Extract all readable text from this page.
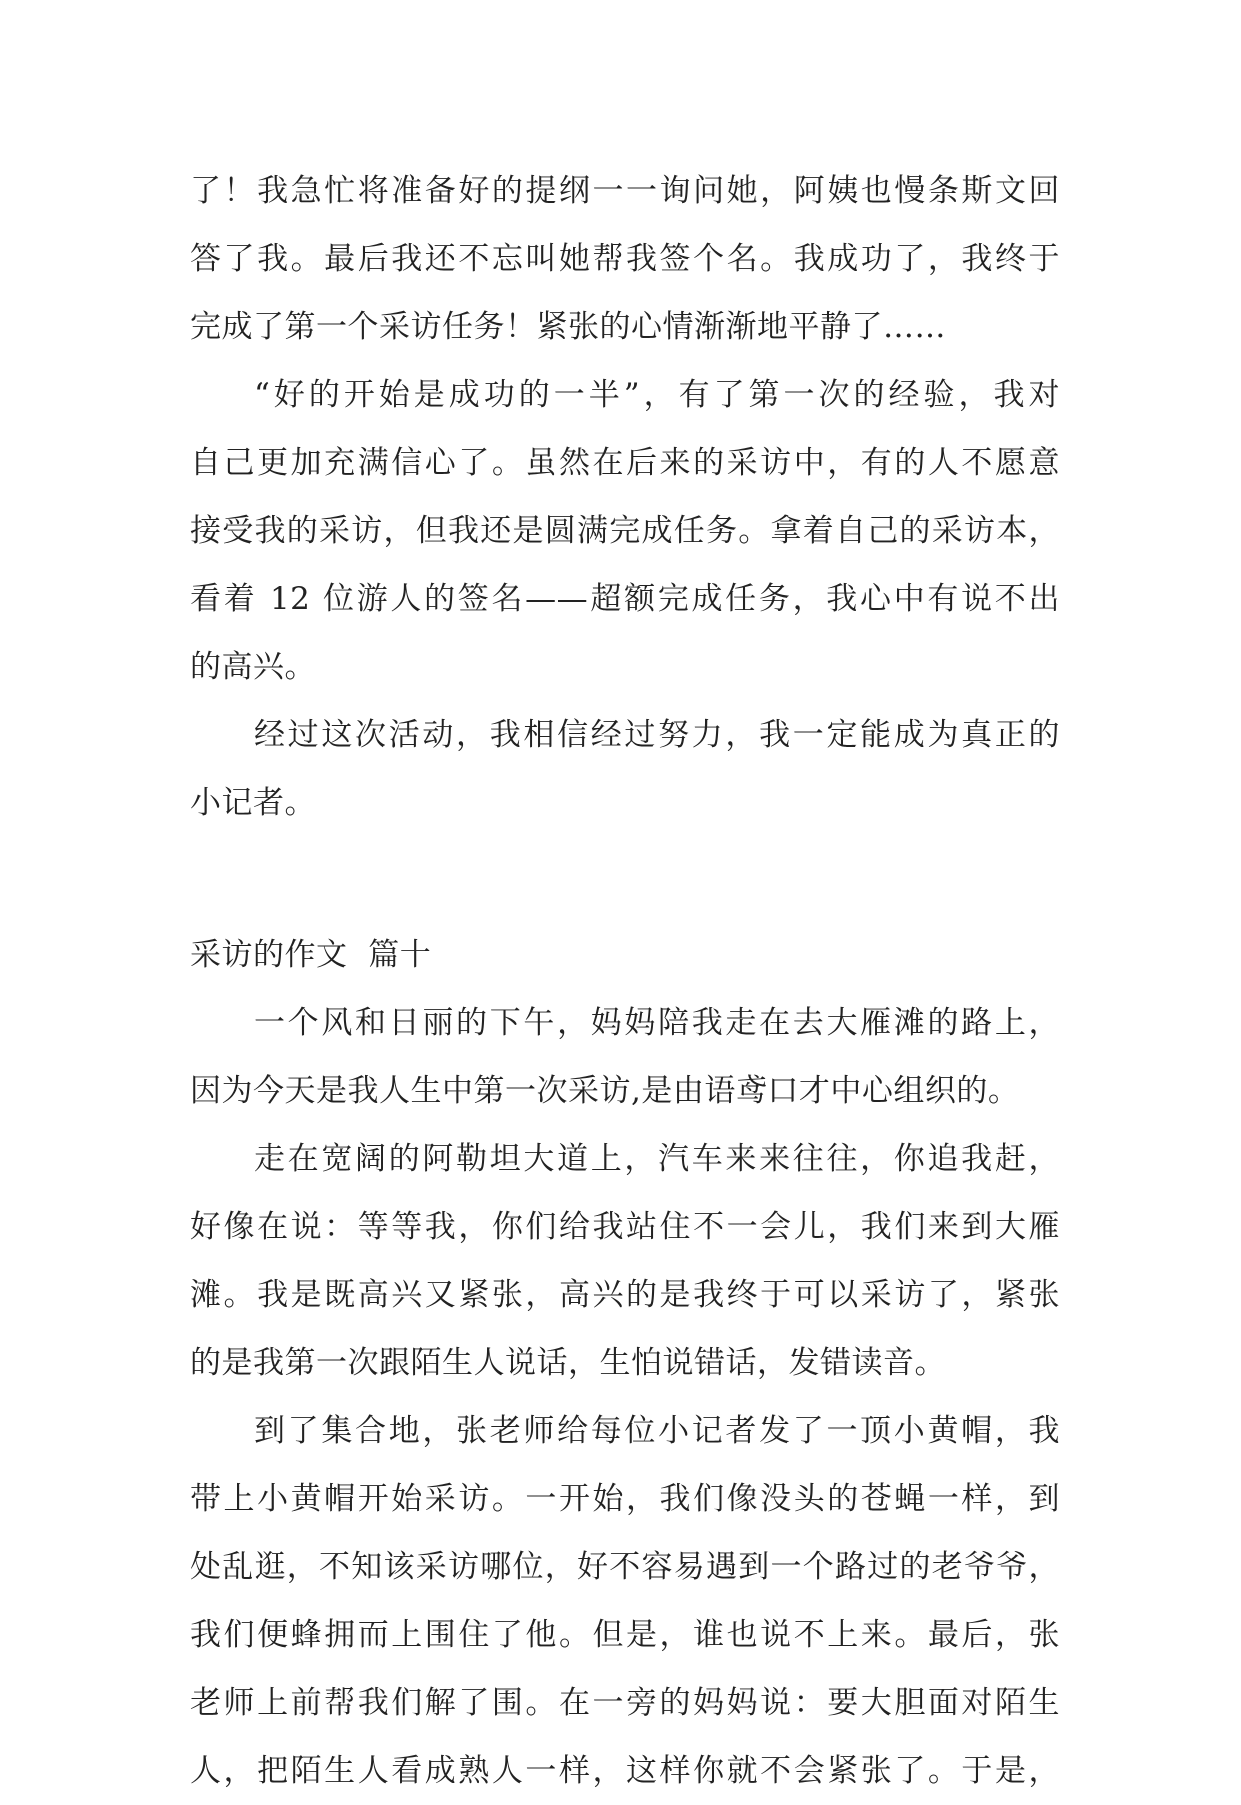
了！我急忙将准备好的提纲一一询问她，阿姨也慢条斯文回
答了我。最后我还不忘叫她帮我签个名。我成功了，我终于
完成了第一个采访任务！紧张的心情渐渐地平静了……
“好的开始是成功的一半”，有了第一次的经验，我对
自己更加充满信心了。虽然在后来的采访中，有的人不愿意
接受我的采访，但我还是圆满完成任务。拿着自己的采访本，
看着 12 位游人的签名——超额完成任务，我心中有说不出
的高兴。
经过这次活动，我相信经过努力，我一定能成为真正的
小记者。
采访的作文  篇十
一个风和日丽的下午，妈妈陪我走在去大雁滩的路上，
因为今天是我人生中第一次采访,是由语鸢口才中心组织的。
走在宽阔的阿勒坦大道上，汽车来来往往，你追我赶，
好像在说：等等我，你们给我站住不一会儿，我们来到大雁
滩。我是既高兴又紧张，高兴的是我终于可以采访了，紧张
的是我第一次跟陌生人说话，生怕说错话，发错读音。
到了集合地，张老师给每位小记者发了一顶小黄帽，我
带上小黄帽开始采访。一开始，我们像没头的苍蝇一样，到
处乱逛，不知该采访哪位，好不容易遇到一个路过的老爷爷，
我们便蜂拥而上围住了他。但是，谁也说不上来。最后，张
老师上前帮我们解了围。在一旁的妈妈说：要大胆面对陌生
人，把陌生人看成熟人一样，这样你就不会紧张了。于是，
